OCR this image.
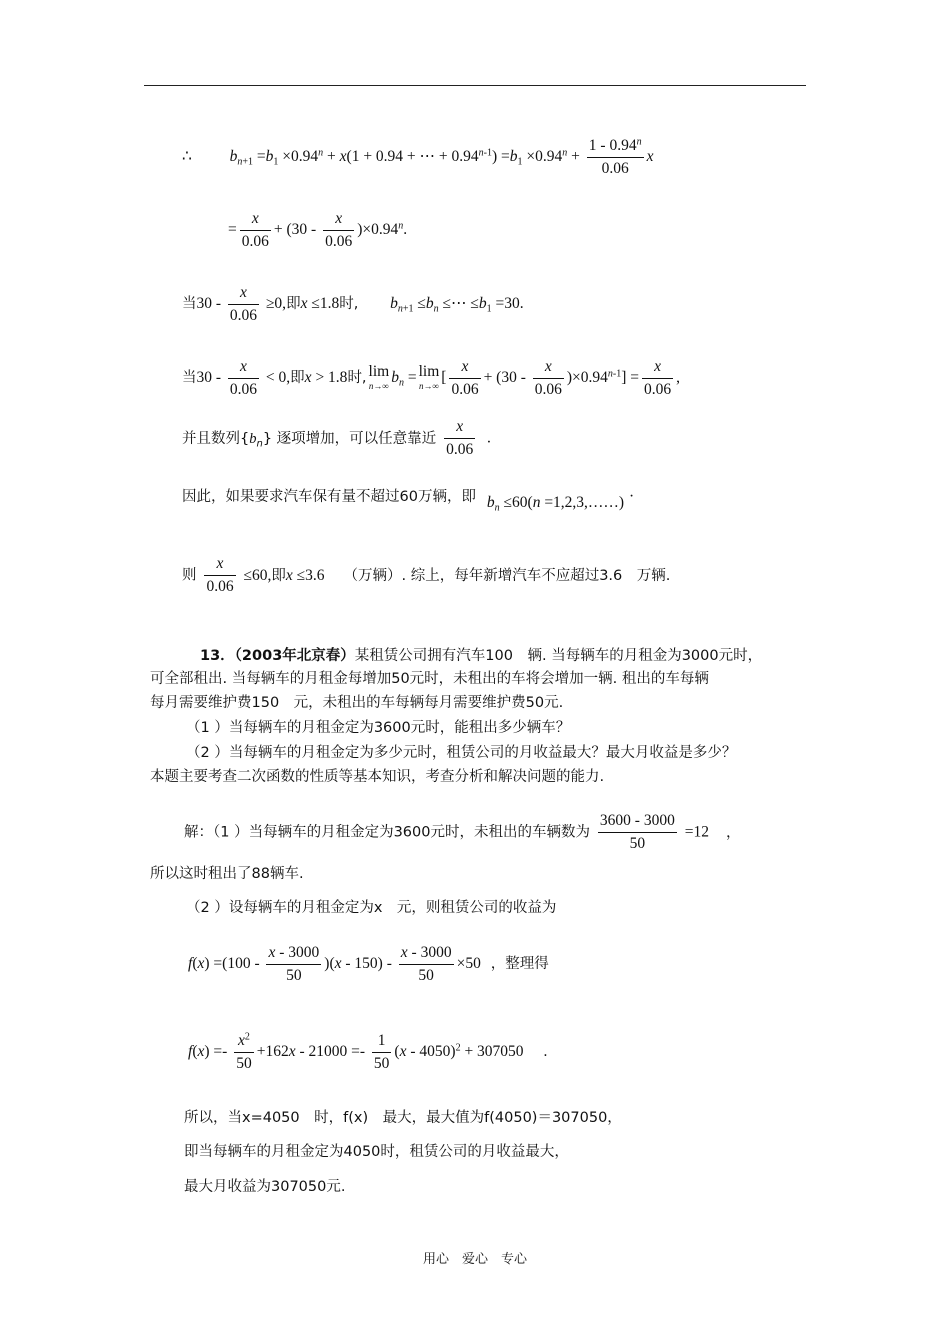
∴ $b_{n+1} =b_1 \times 0.94^n + x(1 + 0.94$ + ⋯ + $0.94^{n-1}) =b_1 \times 0.94^n + \frac{1 - 0.94^n}{0.06}$ x
= $\frac{x}{0.06} + (30 - \frac{x}{0.06} )\times 0.94^n$.
当$30 - \frac{x}{0.06} \ge 0$,即x ≤1.8时, $b_{n+1} \le b_n$ ≤⋯ $\le b_1 =30$.
当$30 - \frac{x}{0.06} < 0$,即x > 1.8时, lim
n→∞ $b_n = \lim$
n→∞ [ $\frac{x}{0.06} + (30 - \frac{x}{0.06} )\times 0.94^{n-1}] = \frac{x}{0.06}$ ,
并且数列$\{b_n\}$ 逐项增加，可以任意靠近 $\frac{x}{0.06}$ .
因此，如果要求汽车保有量不超过60万辆，即 $b_n \le 60(n$ =1,2,3,……) ·
则 $\frac{x}{0.06} \le 60$,即x ≤3.6 （万辆）. 综上，每年新增汽车不应超过3.6　万辆.
13．（2003年北京春）某租赁公司拥有汽车100　辆. 当每辆车的月租金为3000元时，
可全部租出. 当每辆车的月租金每增加50元时，未租出的车将会增加一辆. 租出的车每辆
每月需要维护费150　元，未租出的车每辆每月需要维护费50元.
（1 ）当每辆车的月租金定为3600元时，能租出多少辆车？
（2 ）当每辆车的月租金定为多少元时，租赁公司的月收益最大？最大月收益是多少？
本题主要考查二次函数的性质等基本知识，考查分析和解决问题的能力.
解：（1 ）当每辆车的月租金定为3600元时，未租出的车辆数为 $\frac{3600 - 3000}{50} =12$ ，
所以这时租出了88辆车.
（2 ）设每辆车的月租金定为x　元，则租赁公司的收益为
$f(x) =(100 - \frac{x - 3000}{50} )(x - 150) - \frac{x - 3000}{50} \times 50$ ，整理得
$f(x) =- \frac{x^2}{50} +162x - 21000 =- \frac{1}{50} (x - 4050)^2 + 307050$ .
所以，当x=4050　时，f(x)　最大，最大值为f(4050)＝307050，
即当每辆车的月租金定为4050时，租赁公司的月收益最大，
最大月收益为307050元.
用心　爱心　专心
